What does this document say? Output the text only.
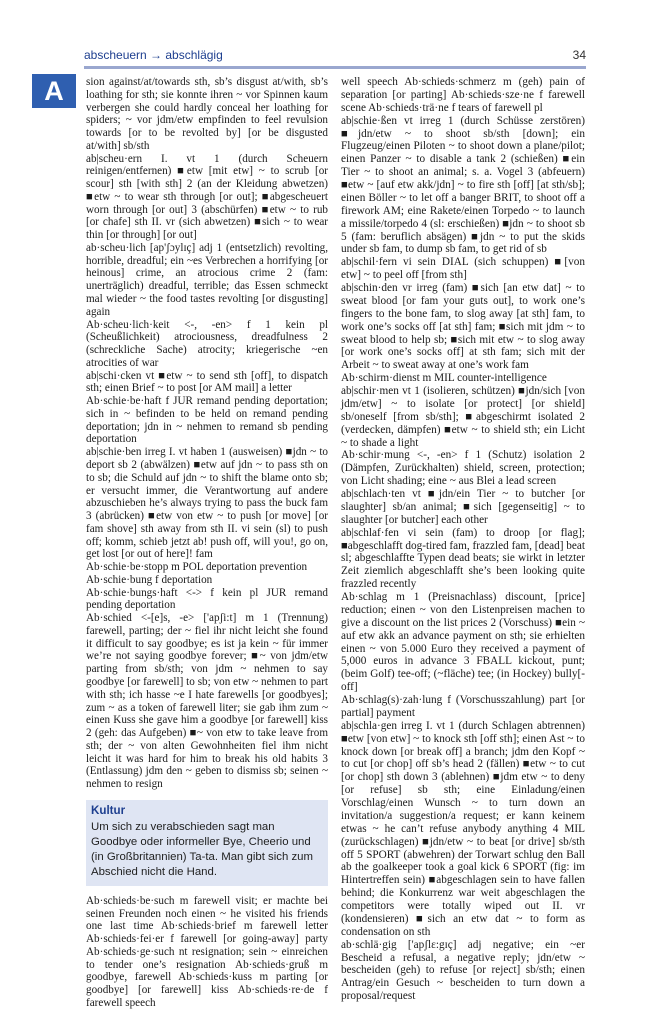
abscheuern → abschlägig	34
A	sion against/at/towards sth, sb’s disgust at/with, sb’s loathing for sth; sie konnte ihren ~ vor Spinnen kaum verbergen she could hardly conceal her loathing for spiders; ~ vor jdm/etw empfinden to feel revulsion towards [or to be revolted by] [or be disgusted at/with] sb/sth

ab|scheu·ern I. vt 1 (durch Scheuern reinigen/entfernen) ■etw [mit etw] ~ to scrub [or scour] sth [with sth] 2 (an der Kleidung abwetzen) ■etw ~ to wear sth through [or out]; ■abgescheuert worn through [or out] 3 (abschürfen) ■etw ~ to rub [or chafe] sth II. vr (sich abwetzen) ■sich ~ to wear thin [or through] [or out]

ab·scheu·lich [ap'ʃɔylɪç] adj 1 (entsetzlich) revolting, horrible, dreadful; ein ~es Verbrechen a horrifying [or heinous] crime, an atrocious crime 2 (fam: unerträglich) dreadful, terrible; das Essen schmeckt mal wieder ~ the food tastes revolting [or disgusting] again

Ab·scheu·lich·keit <-, -en> f 1 kein pl (Scheußlichkeit) atrociousness, dreadfulness 2 (schreckliche Sache) atrocity; kriegerische ~en atrocities of war

ab|schi·cken vt ■etw ~ to send sth [off], to dispatch sth; einen Brief ~ to post [or AM mail] a letter

Ab·schie·be·haft f JUR remand pending deportation; sich in ~ befinden to be held on remand pending deportation; jdn in ~ nehmen to remand sb pending deportation

ab|schie·ben irreg I. vt haben 1 (ausweisen) ■jdn ~ to deport sb 2 (abwälzen) ■etw auf jdn ~ to pass sth on to sb; die Schuld auf jdn ~ to shift the blame onto sb; er versucht immer, die Verantwortung auf andere abzuschieben he’s always trying to pass the buck fam 3 (abrücken) ■etw von etw ~ to push [or move] [or fam shove] sth away from sth II. vi sein (sl) to push off; komm, schieb jetzt ab! push off, will you!, go on, get lost [or out of here]! fam

Ab·schie·be·stopp m POL deportation prevention

Ab·schie·bung f deportation

Ab·schie·bungs·haft <-> f kein pl JUR remand pending deportation

Ab·schied <-[e]s, -e> ['apʃi:t] m 1 (Trennung) farewell, parting; der ~ fiel ihr nicht leicht she found it difficult to say goodbye; es ist ja kein ~ für immer we’re not saying goodbye forever; ■~ von jdm/etw parting from sb/sth; von jdm ~ nehmen to say goodbye [or farewell] to sb; von etw ~ nehmen to part with sth; ich hasse ~e I hate farewells [or goodbyes]; zum ~ as a token of farewell liter; sie gab ihm zum ~ einen Kuss she gave him a goodbye [or farewell] kiss 2 (geh: das Aufgeben) ■~ von etw to take leave from sth; der ~ von alten Gewohnheiten fiel ihm nicht leicht it was hard for him to break his old habits 3 (Entlassung) jdm den ~ geben to dismiss sb; seinen ~ nehmen to resign

Kultur
Um sich zu verabschieden sagt man Goodbye oder informeller Bye, Cheerio und (in Großbritannien) Ta-ta. Man gibt sich zum Abschied nicht die Hand.

Ab·schieds·be·such m farewell visit; er machte bei seinen Freunden noch einen ~ he visited his friends one last time Ab·schieds·brief m farewell letter Ab·schieds·fei·er f farewell [or going-away] party Ab·schieds·ge·such nt resignation; sein ~ einreichen to tender one’s resignation Ab·schieds·gruß m goodbye, farewell Ab·schieds·kuss m parting [or goodbye] [or farewell] kiss Ab·schieds·re·de f farewell speech

well speech Ab·schieds·schmerz m (geh) pain of separation [or parting] Ab·schieds·sze·ne f farewell scene Ab·schieds·trä·ne f tears of farewell pl

ab|schie·ßen vt irreg 1 (durch Schüsse zerstören) ■jdn/etw ~ to shoot sb/sth [down]; ein Flugzeug/einen Piloten ~ to shoot down a plane/pilot; einen Panzer ~ to disable a tank 2 (schießen) ■ein Tier ~ to shoot an animal; s. a. Vogel 3 (abfeuern) ■etw ~ [auf etw akk/jdn] ~ to fire sth [off] [at sth/sb]; einen Böller ~ to let off a banger BRIT, to shoot off a firework AM; eine Rakete/einen Torpedo ~ to launch a missile/torpedo 4 (sl: erschießen) ■jdn ~ to shoot sb 5 (fam: beruflich absägen) ■jdn ~ to put the skids under sb fam, to dump sb fam, to get rid of sb

ab|schil·fern vi sein DIAL (sich schuppen) ■[von etw] ~ to peel off [from sth]

ab|schin·den vr irreg (fam) ■sich [an etw dat] ~ to sweat blood [or fam your guts out], to work one’s fingers to the bone fam, to slog away [at sth] fam, to work one’s socks off [at sth] fam; ■sich mit jdm ~ to sweat blood to help sb; ■sich mit etw ~ to slog away [or work one’s socks off] at sth fam; sich mit der Arbeit ~ to sweat away at one’s work fam

Ab·schirm·dienst m MIL counter-intelligence

ab|schir·men vt 1 (isolieren, schützen) ■jdn/sich [von jdm/etw] ~ to isolate [or protect] [or shield] sb/oneself [from sb/sth]; ■abgeschirmt isolated 2 (verdecken, dämpfen) ■etw ~ to shield sth; ein Licht ~ to shade a light

Ab·schir·mung <-, -en> f 1 (Schutz) isolation 2 (Dämpfen, Zurückhalten) shield, screen, protection; von Licht shading; eine ~ aus Blei a lead screen

ab|schlach·ten vt ■jdn/ein Tier ~ to butcher [or slaughter] sb/an animal; ■sich [gegenseitig] ~ to slaughter [or butcher] each other

ab|schlaf·fen vi sein (fam) to droop [or flag]; ■abgeschlafft dog-tired fam, frazzled fam, [dead] beat sl; abgeschlaffte Typen dead beats; sie wirkt in letzter Zeit ziemlich abgeschlafft she’s been looking quite frazzled recently

Ab·schlag m 1 (Preisnachlass) discount, [price] reduction; einen ~ von den Listenpreisen machen to give a discount on the list prices 2 (Vorschuss) ■ein ~ auf etw akk an advance payment on sth; sie erhielten einen ~ von 5.000 Euro they received a payment of 5,000 euros in advance 3 FBALL kickout, punt; (beim Golf) tee-off; (~fläche) tee; (in Hockey) bully[-off]

Ab·schlag(s)·zah·lung f (Vorschusszahlung) part [or partial] payment

ab|schla·gen irreg I. vt 1 (durch Schlagen abtrennen) ■etw [von etw] ~ to knock sth [off sth]; einen Ast ~ to knock down [or break off] a branch; jdm den Kopf ~ to cut [or chop] off sb’s head 2 (fällen) ■etw ~ to cut [or chop] sth down 3 (ablehnen) ■jdm etw ~ to deny [or refuse] sb sth; eine Einladung/einen Vorschlag/einen Wunsch ~ to turn down an invitation/a suggestion/a request; er kann keinem etwas ~ he can’t refuse anybody anything 4 MIL (zurückschlagen) ■jdn/etw ~ to beat [or drive] sb/sth off 5 SPORT (abwehren) der Torwart schlug den Ball ab the goalkeeper took a goal kick 6 SPORT (fig: im Hintertreffen sein) ■abgeschlagen sein to have fallen behind; die Konkurrenz war weit abgeschlagen the competitors were totally wiped out II. vr (kondensieren) ■sich an etw dat ~ to form as condensation on sth

ab·schlä·gig ['apʃlɛ:gɪç] adj negative; ein ~er Bescheid a refusal, a negative reply; jdn/etw ~ bescheiden (geh) to refuse [or reject] sb/sth; einen Antrag/ein Gesuch ~ bescheiden to turn down a proposal/request
